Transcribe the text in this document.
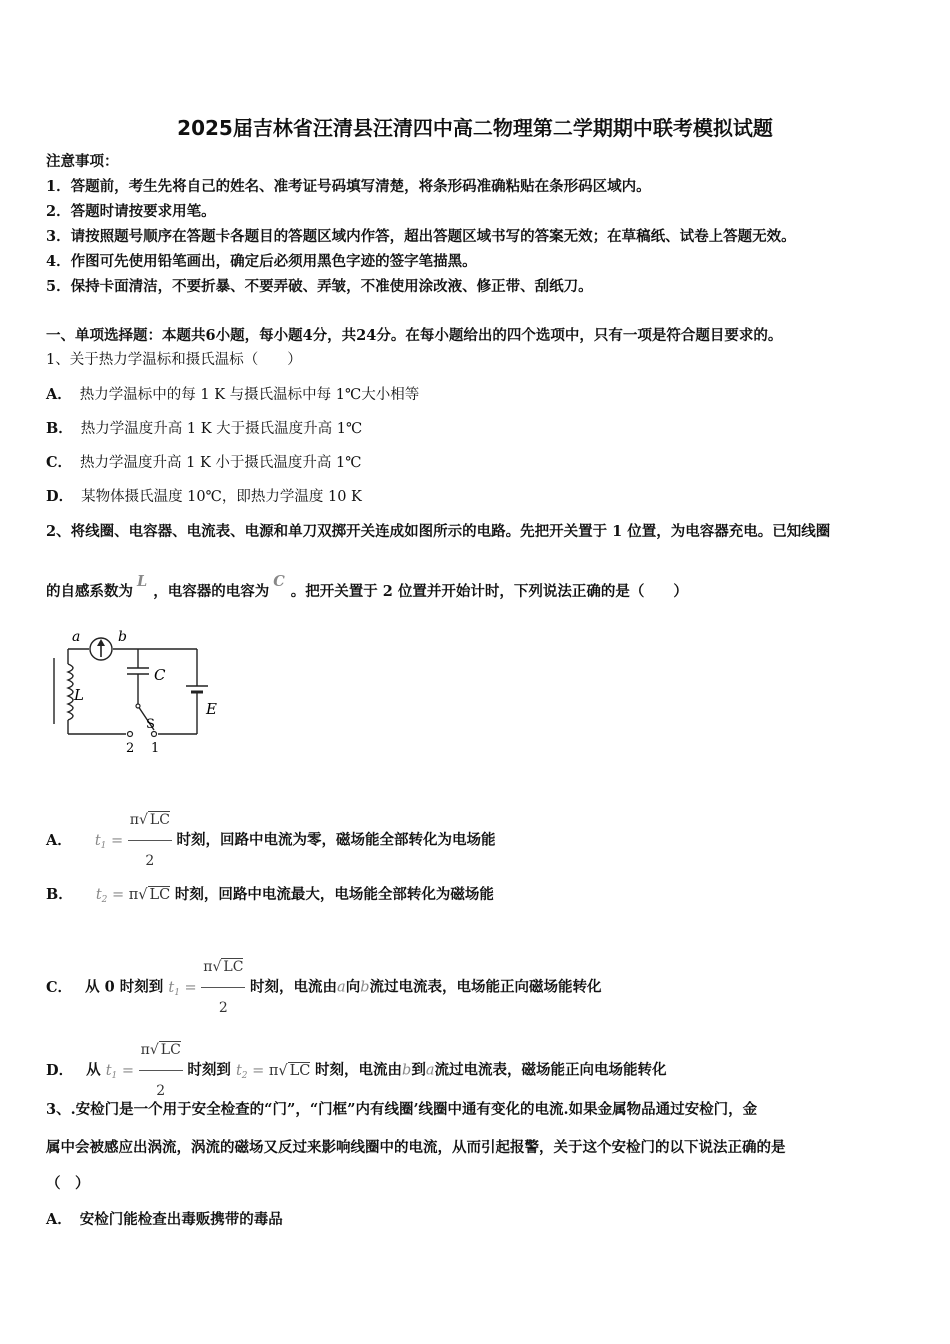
2025届吉林省汪清县汪清四中高二物理第二学期期中联考模拟试题
注意事项：
1．答题前，考生先将自己的姓名、准考证号码填写清楚，将条形码准确粘贴在条形码区域内。
2．答题时请按要求用笔。
3．请按照题号顺序在答题卡各题目的答题区域内作答，超出答题区域书写的答案无效；在草稿纸、试卷上答题无效。
4．作图可先使用铅笔画出，确定后必须用黑色字迹的签字笔描黑。
5．保持卡面清洁，不要折暴、不要弄破、弄皱，不准使用涂改液、修正带、刮纸刀。
一、单项选择题：本题共6小题，每小题4分，共24分。在每小题给出的四个选项中，只有一项是符合题目要求的。
1、关于热力学温标和摄氏温标（　　）
A． 热力学温标中的每 1 K 与摄氏温标中每 1℃大小相等
B． 热力学温度升高 1 K 大于摄氏温度升高 1℃
C． 热力学温度升高 1 K 小于摄氏温度升高 1℃
D． 某物体摄氏温度 10℃，即热力学温度 10 K
2、将线圈、电容器、电流表、电源和单刀双掷开关连成如图所示的电路。先把开关置于 1 位置，为电容器充电。已知线圈
的自感系数为L，电容器的电容为C。把开关置于 2 位置并开始计时，下列说法正确的是（　　）
a	b
C
L
E
S
2 1
A． $t_1 = \frac{\pi√ LC}{2}$ 时刻，回路中电流为零，磁场能全部转化为电场能
B． $t_2 = \pi√$ LC 时刻，回路中电流最大，电场能全部转化为磁场能
C． 从 0 时刻到 $t_1 = \frac{\pi√ LC}{2}$ 时刻，电流由a向b流过电流表，电场能正向磁场能转化
D． 从 $t_1 = \frac{\pi√ LC}{2}$ 时刻到 $t_2 = \pi√$ LC 时刻，电流由b到a流过电流表，磁场能正向电场能转化
3、.安检门是一个用于安全检查的“门”，“门框”内有线圈’线圈中通有变化的电流.如果金属物品通过安检门，金
属中会被感应出涡流，涡流的磁场又反过来影响线圈中的电流，从而引起报警，关于这个安检门的以下说法正确的是
（　）
A． 安检门能检查出毒贩携带的毒品
